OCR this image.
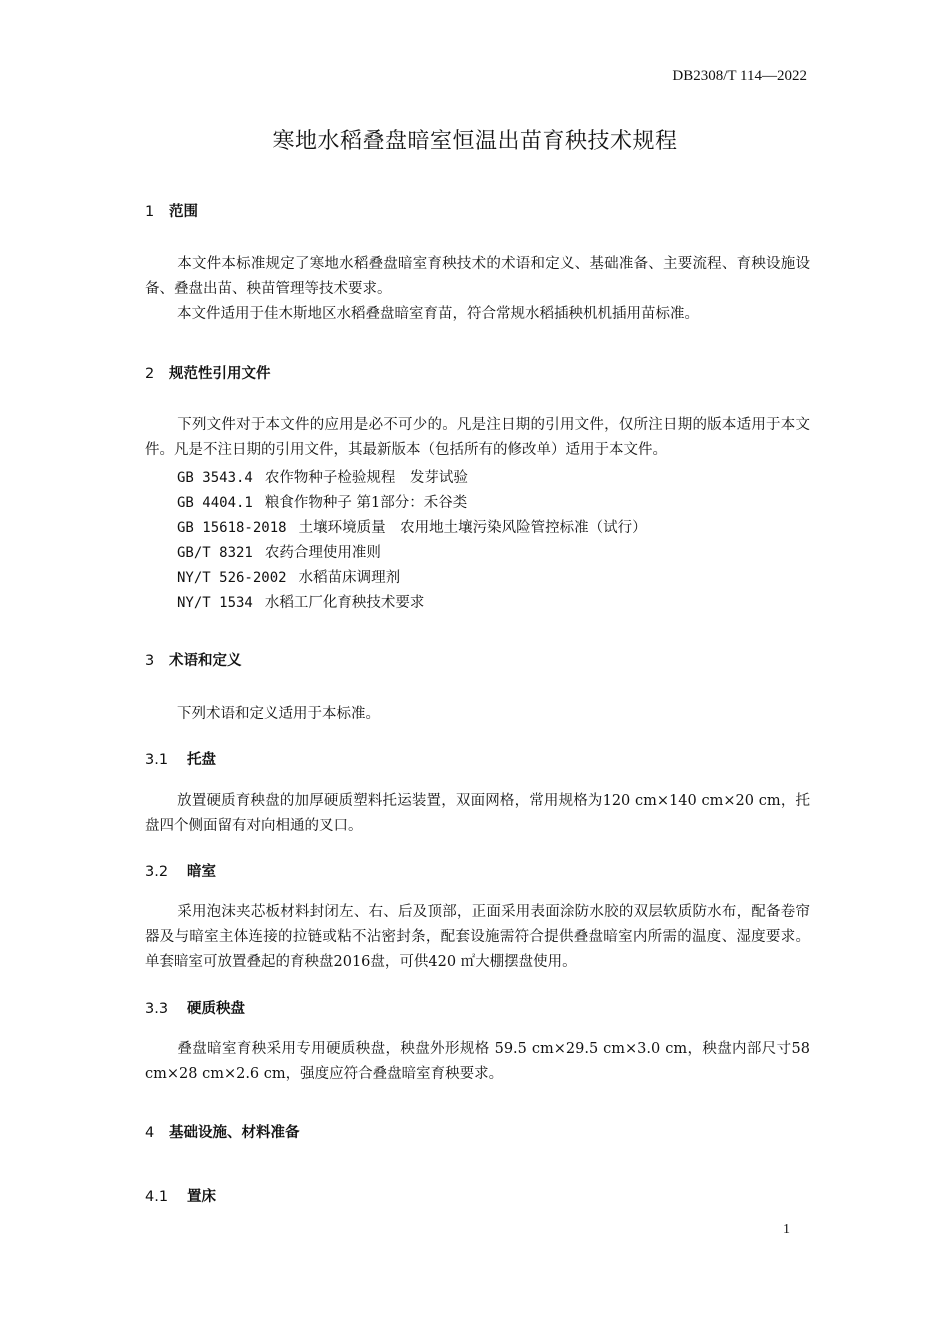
DB2308/T 114—2022
寒地水稻叠盘暗室恒温出苗育秧技术规程
1 范围
本文件本标准规定了寒地水稻叠盘暗室育秧技术的术语和定义、基础准备、主要流程、育秧设施设备、叠盘出苗、秧苗管理等技术要求。
本文件适用于佳木斯地区水稻叠盘暗室育苗，符合常规水稻插秧机机插用苗标准。
2 规范性引用文件
下列文件对于本文件的应用是必不可少的。凡是注日期的引用文件，仅所注日期的版本适用于本文件。凡是不注日期的引用文件，其最新版本（包括所有的修改单）适用于本文件。
GB 3543.4 农作物种子检验规程　发芽试验
GB 4404.1 粮食作物种子 第1部分：禾谷类
GB 15618-2018 土壤环境质量　农用地土壤污染风险管控标准（试行）
GB/T 8321 农药合理使用准则
NY/T 526-2002 水稻苗床调理剂
NY/T 1534 水稻工厂化育秧技术要求
3 术语和定义
下列术语和定义适用于本标准。
3.1 托盘
放置硬质育秧盘的加厚硬质塑料托运装置，双面网格，常用规格为120 cm×140 cm×20 cm，托盘四个侧面留有对向相通的叉口。
3.2 暗室
采用泡沫夹芯板材料封闭左、右、后及顶部，正面采用表面涂防水胶的双层软质防水布，配备卷帘器及与暗室主体连接的拉链或粘不沾密封条，配套设施需符合提供叠盘暗室内所需的温度、湿度要求。单套暗室可放置叠起的育秧盘2016盘，可供420 ㎡大棚摆盘使用。
3.3 硬质秧盘
叠盘暗室育秧采用专用硬质秧盘，秧盘外形规格 59.5 cm×29.5 cm×3.0 cm，秧盘内部尺寸58 cm×28 cm×2.6 cm，强度应符合叠盘暗室育秧要求。
4 基础设施、材料准备
4.1 置床
1
